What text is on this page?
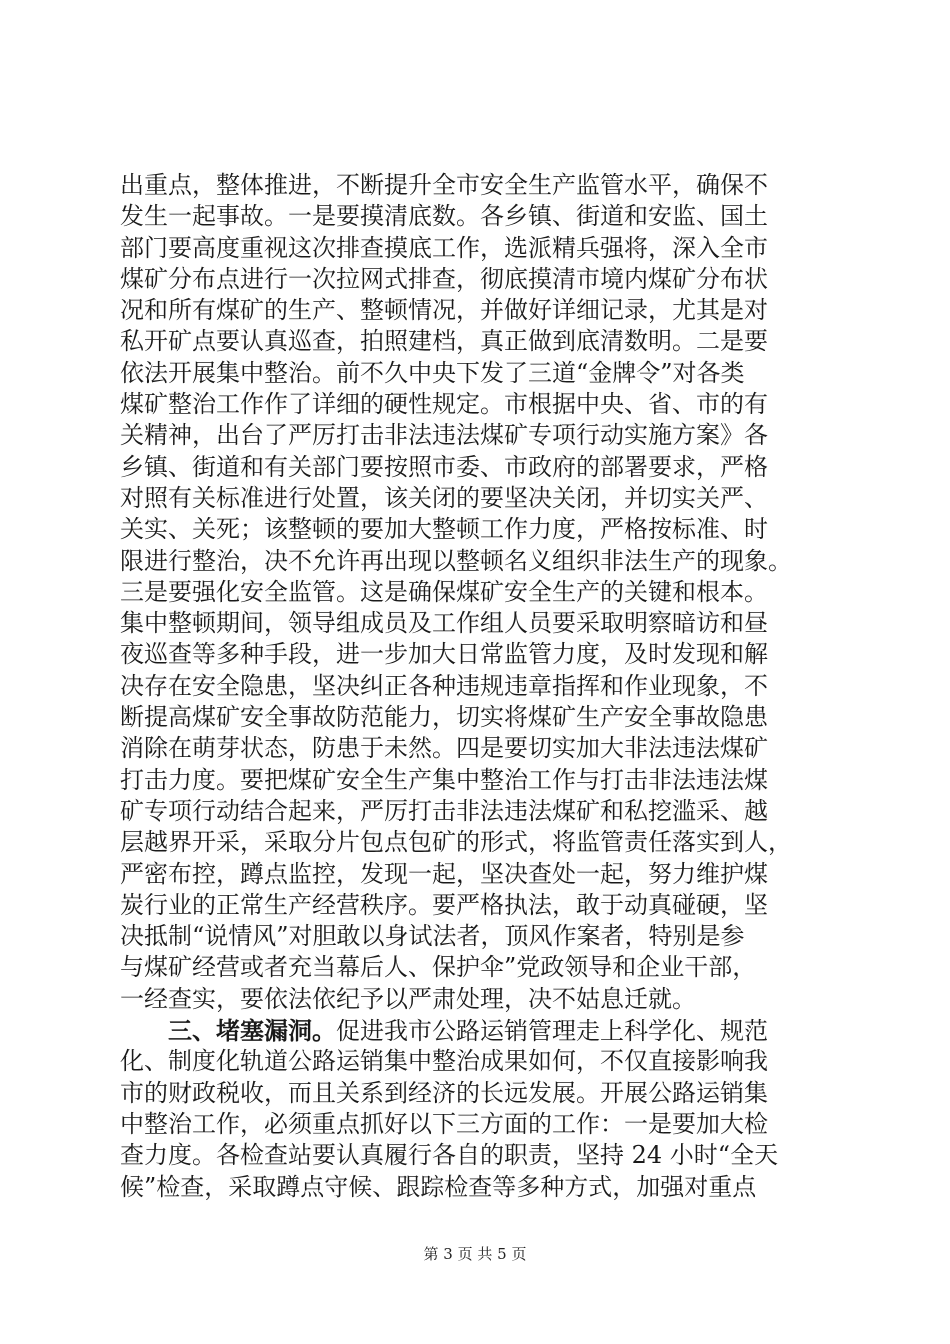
出重点，整体推进，不断提升全市安全生产监管水平，确保不
发生一起事故。一是要摸清底数。各乡镇、街道和安监、国土
部门要高度重视这次排查摸底工作，选派精兵强将，深入全市
煤矿分布点进行一次拉网式排查，彻底摸清市境内煤矿分布状
况和所有煤矿的生产、整顿情况，并做好详细记录，尤其是对
私开矿点要认真巡查，拍照建档，真正做到底清数明。二是要
依法开展集中整治。前不久中央下发了三道“金牌令”对各类
煤矿整治工作作了详细的硬性规定。市根据中央、省、市的有
关精神，出台了严厉打击非法违法煤矿专项行动实施方案》各
乡镇、街道和有关部门要按照市委、市政府的部署要求，严格
对照有关标准进行处置，该关闭的要坚决关闭，并切实关严、
关实、关死；该整顿的要加大整顿工作力度，严格按标准、时
限进行整治，决不允许再出现以整顿名义组织非法生产的现象。
三是要强化安全监管。这是确保煤矿安全生产的关键和根本。
集中整顿期间，领导组成员及工作组人员要采取明察暗访和昼
夜巡查等多种手段，进一步加大日常监管力度，及时发现和解
决存在安全隐患，坚决纠正各种违规违章指挥和作业现象，不
断提高煤矿安全事故防范能力，切实将煤矿生产安全事故隐患
消除在萌芽状态，防患于未然。四是要切实加大非法违法煤矿
打击力度。要把煤矿安全生产集中整治工作与打击非法违法煤
矿专项行动结合起来，严厉打击非法违法煤矿和私挖滥采、越
层越界开采，采取分片包点包矿的形式，将监管责任落实到人，
严密布控，蹲点监控，发现一起，坚决查处一起，努力维护煤
炭行业的正常生产经营秩序。要严格执法，敢于动真碰硬，坚
决抵制“说情风”对胆敢以身试法者，顶风作案者，特别是参
与煤矿经营或者充当幕后人、保护伞”党政领导和企业干部，
一经查实，要依法依纪予以严肃处理，决不姑息迁就。
三、堵塞漏洞。促进我市公路运销管理走上科学化、规范
化、制度化轨道公路运销集中整治成果如何，不仅直接影响我
市的财政税收，而且关系到经济的长远发展。开展公路运销集
中整治工作，必须重点抓好以下三方面的工作：一是要加大检
查力度。各检查站要认真履行各自的职责，坚持 24 小时“全天
候”检查，采取蹲点守候、跟踪检查等多种方式，加强对重点
第 3 页 共 5 页
